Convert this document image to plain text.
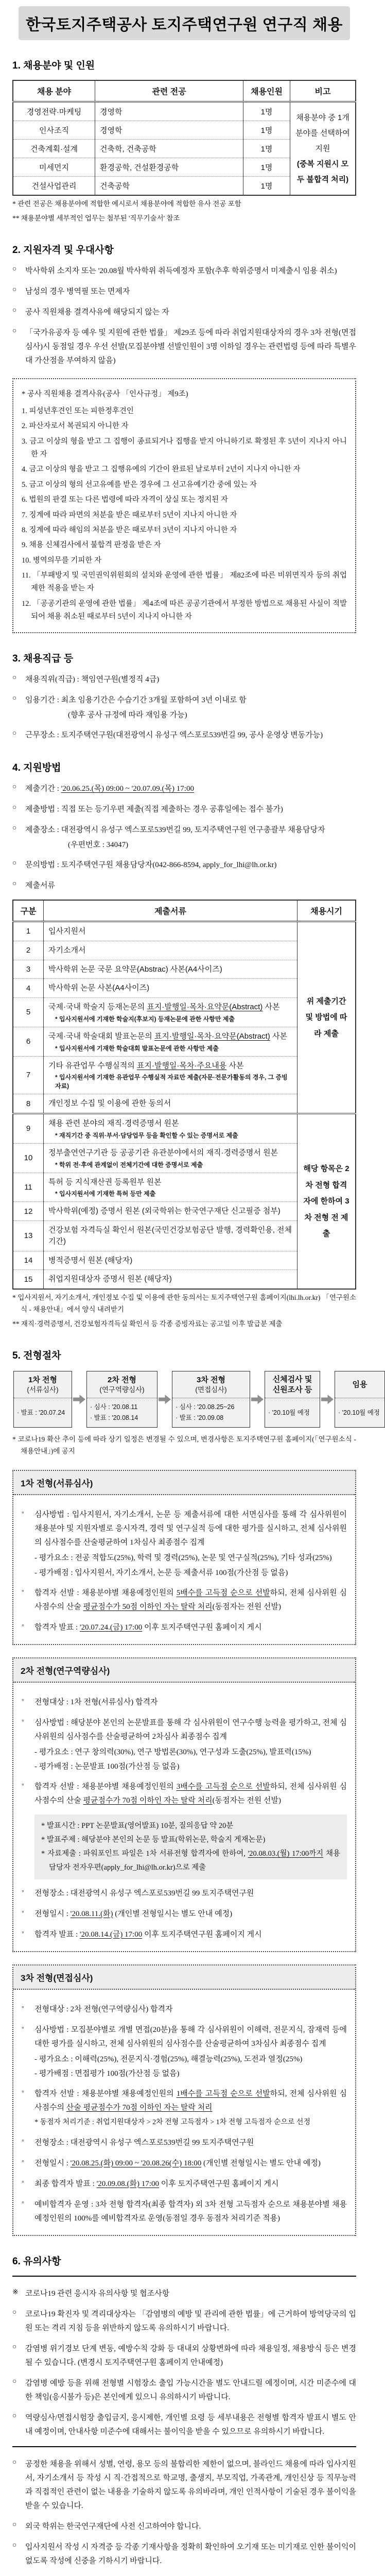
한국토지주택공사 토지주택연구원 연구직 채용
1. 채용분야 및 인원
채용 분야	관련 전공	채용인원	비고
경영전략·마케팅	경영학	1명	채용분야 중 1개 분야를 선택하여 지원
(중복 지원시 모두 불합격 처리)

인사조직	경영학	1명	
건축계획·설계	건축학, 건축공학	1명	
미세먼지	환경공학, 건설환경공학	1명	
건설사업관리	건축공학	1명	
* 관련 전공은 채용분야에 적합한 예시로서 채용분야에 적합한 유사 전공 포함
** 채용분야별 세부적인 업무는 첨부된 '직무기술서' 참조
2. 지원자격 및 우대사항
○	박사학위 소지자 또는 '20.08월 박사학위 취득예정자 포함(추후 학위증명서 미제출시 임용 취소)
○	남성의 경우 병역필 또는 면제자
○	공사 직원채용 결격사유에 해당되지 않는 자
○	「국가유공자 등 예우 및 지원에 관한 법률」 제29조 등에 따라 취업지원대상자의 경우 3차 전형(면접심사)시 동점일 경우 우선 선발(모집분야별 선발인원이 3명 이하일 경우는 관련법령 등에 따라 특별우대 가산점을 부여하지 않음)
* 공사 직원채용 결격사유(공사 「인사규정」 제9조)
1. 피성년후견인 또는 피한정후견인
2. 파산자로서 복권되지 아니한 자
3. 금고 이상의 형을 받고 그 집행이 종료되거나 집행을 받지 아니하기로 확정된 후 5년이 지나지 아니한 자
4. 금고 이상의 형을 받고 그 집행유예의 기간이 완료된 날로부터 2년이 지나지 아니한 자
5. 금고 이상의 형의 선고유예를 받은 경우에 그 선고유예기간 중에 있는 자
6. 법원의 판결 또는 다른 법령에 따라 자격이 상실 또는 정지된 자
7. 징계에 따라 파면의 처분을 받은 때로부터 5년이 지나지 아니한 자
8. 징계에 따라 해임의 처분을 받은 때로부터 3년이 지나지 아니한 자
9. 채용 신체검사에서 불합격 판정을 받은 자
10. 병역의무를 기피한 자
11. 「부패방지 및 국민권익위원회의 설치와 운영에 관한 법률」 제82조에 따른 비위면직자 등의 취업제한 적용을 받는 자
12. 「공공기관의 운영에 관한 법률」 제4조에 따른 공공기관에서 부정한 방법으로 채용된 사실이 적발되어 채용 취소된 때로부터 5년이 지나지 아니한 자
3. 채용직급 등
○	채용직위(직급) : 책임연구원(별정직 4급)
○	임용기간 : 최초 임용기간은 수습기간 3개월 포함하여 3년 이내로 함
(향후 공사 규정에 따라 재임용 가능)
○	근무장소 : 토지주택연구원(대전광역시 유성구 엑스포로539번길 99, 공사 운영상 변동가능)
4. 지원방법
○	제출기간 : '20.06.25.(목) 09:00 ~ '20.07.09.(목) 17:00
○	제출방법 : 직접 또는 등기우편 제출(직접 제출하는 경우 공휴일에는 접수 불가)
○	제출장소 : 대전광역시 유성구 엑스포로539번길 99, 토지주택연구원 연구총괄부 채용담당자
(우편번호 : 34047)
○	문의방법 : 토지주택연구원 채용담당자(042-866-8594, apply_for_lhi@lh.or.kr)
○	제출서류
구분	제출서류	채용시기
1	입사지원서	위 제출기간 및 방법에 따라 제출
2	자기소개서	

3	박사학위 논문 국문 요약문(Abstrac) 사본(A4사이즈)	

4	박사학위 논문 사본(A4사이즈)	

5	국제·국내 학술지 등재논문의 표지·발행일·목차·요약문(Abstract) 사본
* 입사지원서에 기재한 학술지(후보지) 등재논문에 관한 사항만 제출	

6	국제·국내 학술대회 발표논문의 표지·발행일·목차·요약문(Abstract) 사본
* 입사지원서에 기재한 학술대회 발표논문에 관한 사항만 제출	

7	기타 유관업무 수행실적의 표지·발행일·목차·주요내용 사본
* 입사지원서에 기재한 유관업무 수행실적 자료만 제출(자문·전문가활동의 경우, 그 증빙자료)	

8	개인정보 수집 및 이용에 관한 동의서	

9	채용 관련 분야의 재직·경력증명서 원본
* 재직기간 중 직위·부서·담당업무 등을 확인할 수 있는 증명서로 제출	해당 항목은 2차 전형 합격자에 한하여 3차 전형 전 제출
10	정부출연연구기관 등 공공기관 유관분야에서의 재직·경력증명서 원본
* 학위 전·후에 관계없이 전체기간에 대한 증명서로 제출	

11	특허 등 지식재산권 등록원부 원본
* 입사지원서에 기재한 특허 등만 제출	

12	박사학위(예정) 증명서 원본 (외국학위는 한국연구재단 신고필증 첨부)	

13	건강보험 자격득실 확인서 원본(국민건강보험공단 발행, 경력확인용, 전체기간)	

14	병적증명서 원본 (해당자)	

15	취업지원대상자 증명서 원본 (해당자)	
* 입사지원서, 자기소개서, 개인정보 수집 및 이용에 관한 동의서는 토지주택연구원 홈페이지(lhi.lh.or.kr) 「연구원소식 - 채용안내」에서 양식 내려받기
** 재직·경력증명서, 건강보험자격득실 확인서 등 각종 증빙자료는 공고일 이후 발급분 제출
5. 전형절차
1차 전형
(서류심사)
· 발표 : '20.07.24
2차 전형
(연구역량심사)
· 심사 : '20.08.11
· 발표 : '20.08.14
3차 전형
(면접심사)
· 심사 : '20.08.25~26
· 발표 : '20.09.08
신체검사 및
신원조사 등
· '20.10월 예정
임용
· '20.10월 예정
* 코로나19 확산 추이 등에 따라 상기 일정은 변경될 수 있으며, 변경사항은 토지주택연구원 홈페이지(「연구원소식 - 채용안내」)에 공지
1차 전형(서류심사)
◦	심사방법 : 입사지원서, 자기소개서, 논문 등 제출서류에 대한 서면심사를 통해 각 심사위원이 채용분야 및 지원자별로 응시자격, 경력 및 연구실적 등에 대한 평가를 실시하고, 전체 심사위원의 심사점수를 산술평균하여 1차심사 최종점수 집계
- 평가요소 : 전공 적합도(25%), 학력 및 경력(25%), 논문 및 연구실적(25%), 기타 성과(25%)
- 평가배점 : 입사지원서, 자기소개서, 논문 등 제출서류 100점(가산점 등 없음)
◦	합격자 선발 : 채용분야별 채용예정인원의 5배수를 고득점 순으로 선발하되, 전체 심사위원 심사점수의 산술 평균점수가 50점 이하인 자는 탈락 처리(동점자는 전원 선발)
◦	합격자 발표 : '20.07.24.(금) 17:00 이후 토지주택연구원 홈페이지 게시
2차 전형(연구역량심사)
◦	전형대상 : 1차 전형(서류심사) 합격자
◦	심사방법 : 해당분야 본인의 논문발표를 통해 각 심사위원이 연구수행 능력을 평가하고, 전체 심사위원의 심사점수를 산술평균하여 2차심사 최종점수 집계
- 평가요소 : 연구 창의력(30%), 연구 방법론(30%), 연구성과 도출(25%), 발표력(15%)
- 평가배점 : 논문발표 100점(가산점 등 없음)
◦	합격자 선발 : 채용분야별 채용예정인원의 3배수를 고득점 순으로 선발하되, 전체 심사위원 심사점수의 산술 평균점수가 70점 이하인 자는 탈락 처리(동점자는 전원 선발)
* 발표시간 : PPT 논문발표(영어발표) 10분, 질의응답 약 20분
* 발표주제 : 해당분야 본인의 논문 등 발표(학위논문, 학술지 게재논문)
* 자료제출 : 파워포인트 파일은 1차 서류전형 합격자에 한하여, '20.08.03.(월) 17:00까지 채용담당자 전자우편(apply_for_lhi@lh.or.kr)으로 제출
◦	전형장소 : 대전광역시 유성구 엑스포로539번길 99 토지주택연구원
◦	전형일시 : '20.08.11.(화) (개인별 전형일시는 별도 안내 예정)
◦	합격자 발표 : '20.08.14.(금) 17:00 이후 토지주택연구원 홈페이지 게시
3차 전형(면접심사)
◦	전형대상 : 2차 전형(연구역량심사) 합격자
◦	심사방법 : 모집분야별로 개별 면접(20분)을 통해 각 심사위원이 이해력, 전문지식, 잠재력 등에 대한 평가를 실시하고, 전체 심사위원의 심사점수를 산술평균하여 3차심사 최종점수 집계
- 평가요소 : 이해력(25%), 전문지식·경험(25%), 해결능력(25%), 도전과 열정(25%)
- 평가배점 : 면접평가 100점(가산점 등 없음)
◦	합격자 선발 : 채용분야별 채용예정인원의 1배수를 고득점 순으로 선발하되, 전체 심사위원 심사점수의 산술 평균점수가 70점 이하인 자는 탈락 처리
* 동점자 처리기준 : 취업지원대상자 > 2차 전형 고득점자 > 1차 전형 고득점자 순으로 선정
◦	전형장소 : 대전광역시 유성구 엑스포로539번길 99 토지주택연구원
◦	전형일시 : '20.08.25.(화) 09:00 ~ '20.08.26(수) 18:00 (개인별 전형일시는 별도 안내 예정)
◦	최종 합격자 발표 : '20.09.08.(화) 17:00 이후 토지주택연구원 홈페이지 게시
◦	예비합격자 운영 : 3차 전형 합격자(최종 합격자) 외 3차 전형 고득점자 순으로 채용분야별 채용예정인원의 100%를 예비합격자로 운영(동점일 경우 동점자 처리기준 적용)
6. 유의사항
※ 코로나19 관련 응시자 유의사항 및 협조사항
○	코로나19 확진자 및 격리대상자는 「감염병의 예방 및 관리에 관한 법률」에 근거하여 방역당국의 입원 또는 격리 지침 등을 위반하지 않도록 유의하시기 바랍니다.
○	감염병 위기경보 단계 변동, 예방수칙 강화 등 대내외 상황변화에 따라 채용일정, 채용방식 등은 변경될 수 있습니다. (변경시 토지주택연구원 홈페이지 안내예정)
○	감염병 예방 등을 위해 전형별 시험장소 출입 가능시간을 별도 안내드릴 예정이며, 시간 미준수에 대한 책임(응시불가 등)은 본인에게 있으니 유의하시기 바랍니다.
○	역량심사/면접시험장 출입금지, 응시제한, 개인별 요령 등 세부내용은 전형별 합격자 발표시 별도 안내 예정이며, 안내사항 미준수에 대해서는 불이익을 받을 수 있으므로 유의하시기 바랍니다.
○	공정한 채용을 위해서 성별, 연령, 용모 등의 불합리한 제한이 없으며, 블라인드 채용에 따라 입사지원서, 자기소개서 등 작성 시 직·간접적으로 학교명, 출생지, 부모직업, 가족관계, 개인신상 등 직무능력과 직접적인 관련이 없는 내용을 기술하지 않도록 유의바라며, 개인 인적사항이 기술된 경우 불이익을 받을 수 있습니다.
○	외국 학위는 한국연구재단에 사전 신고하여야 합니다.
○	입사지원서 작성 시 자격증 등 각종 기재사항을 정확히 확인하여 오기재 또는 미기재로 인한 불이익이 없도록 작성에 신중을 기하시기 바랍니다.
